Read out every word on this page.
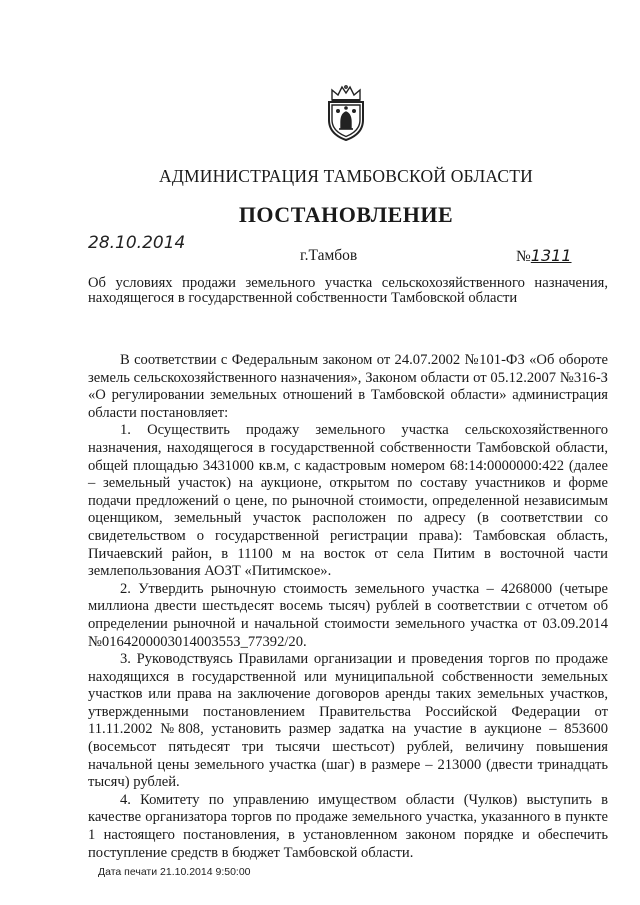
АДМИНИСТРАЦИЯ ТАМБОВСКОЙ ОБЛАСТИ
ПОСТАНОВЛЕНИЕ
28.10.2014
г.Тамбов	№1311
Об условиях продажи земельного участка сельскохозяйственного назначения, находящегося в государственной собственности Тамбовской области

В соответствии с Федеральным законом от 24.07.2002 №101-ФЗ «Об обороте земель сельскохозяйственного назначения», Законом области от 05.12.2007 №316-З «О регулировании земельных отношений в Тамбовской области» администрация области постановляет:

1. Осуществить продажу земельного участка сельскохозяйственного назначения, находящегося в государственной собственности Тамбовской области, общей площадью 3431000 кв.м, с кадастровым номером 68:14:0000000:422 (далее – земельный участок) на аукционе, открытом по составу участников и форме подачи предложений о цене, по рыночной стоимости, определенной независимым оценщиком, земельный участок расположен по адресу (в соответствии со свидетельством о государственной регистрации права): Тамбовская область, Пичаевский район, в 11100 м на восток от села Питим в восточной части землепользования АОЗТ «Питимское».

2. Утвердить рыночную стоимость земельного участка – 4268000 (четыре миллиона двести шестьдесят восемь тысяч) рублей в соответствии с отчетом об определении рыночной и начальной стоимости земельного участка от 03.09.2014 №016420000301400355З_77392/20.

3. Руководствуясь Правилами организации и проведения торгов по продаже находящихся в государственной или муниципальной собственности земельных участков или права на заключение договоров аренды таких земельных участков, утвержденными постановлением Правительства Российской Федерации от 11.11.2002 №808, установить размер задатка на участие в аукционе – 853600 (восемьсот пятьдесят три тысячи шестьсот) рублей, величину повышения начальной цены земельного участка (шаг) в размере – 213000 (двести тринадцать тысяч) рублей.

4. Комитету по управлению имуществом области (Чулков) выступить в качестве организатора торгов по продаже земельного участка, указанного в пункте 1 настоящего постановления, в установленном законом порядке и обеспечить поступление средств в бюджет Тамбовской области.

Дата печати 21.10.2014 9:50:00
